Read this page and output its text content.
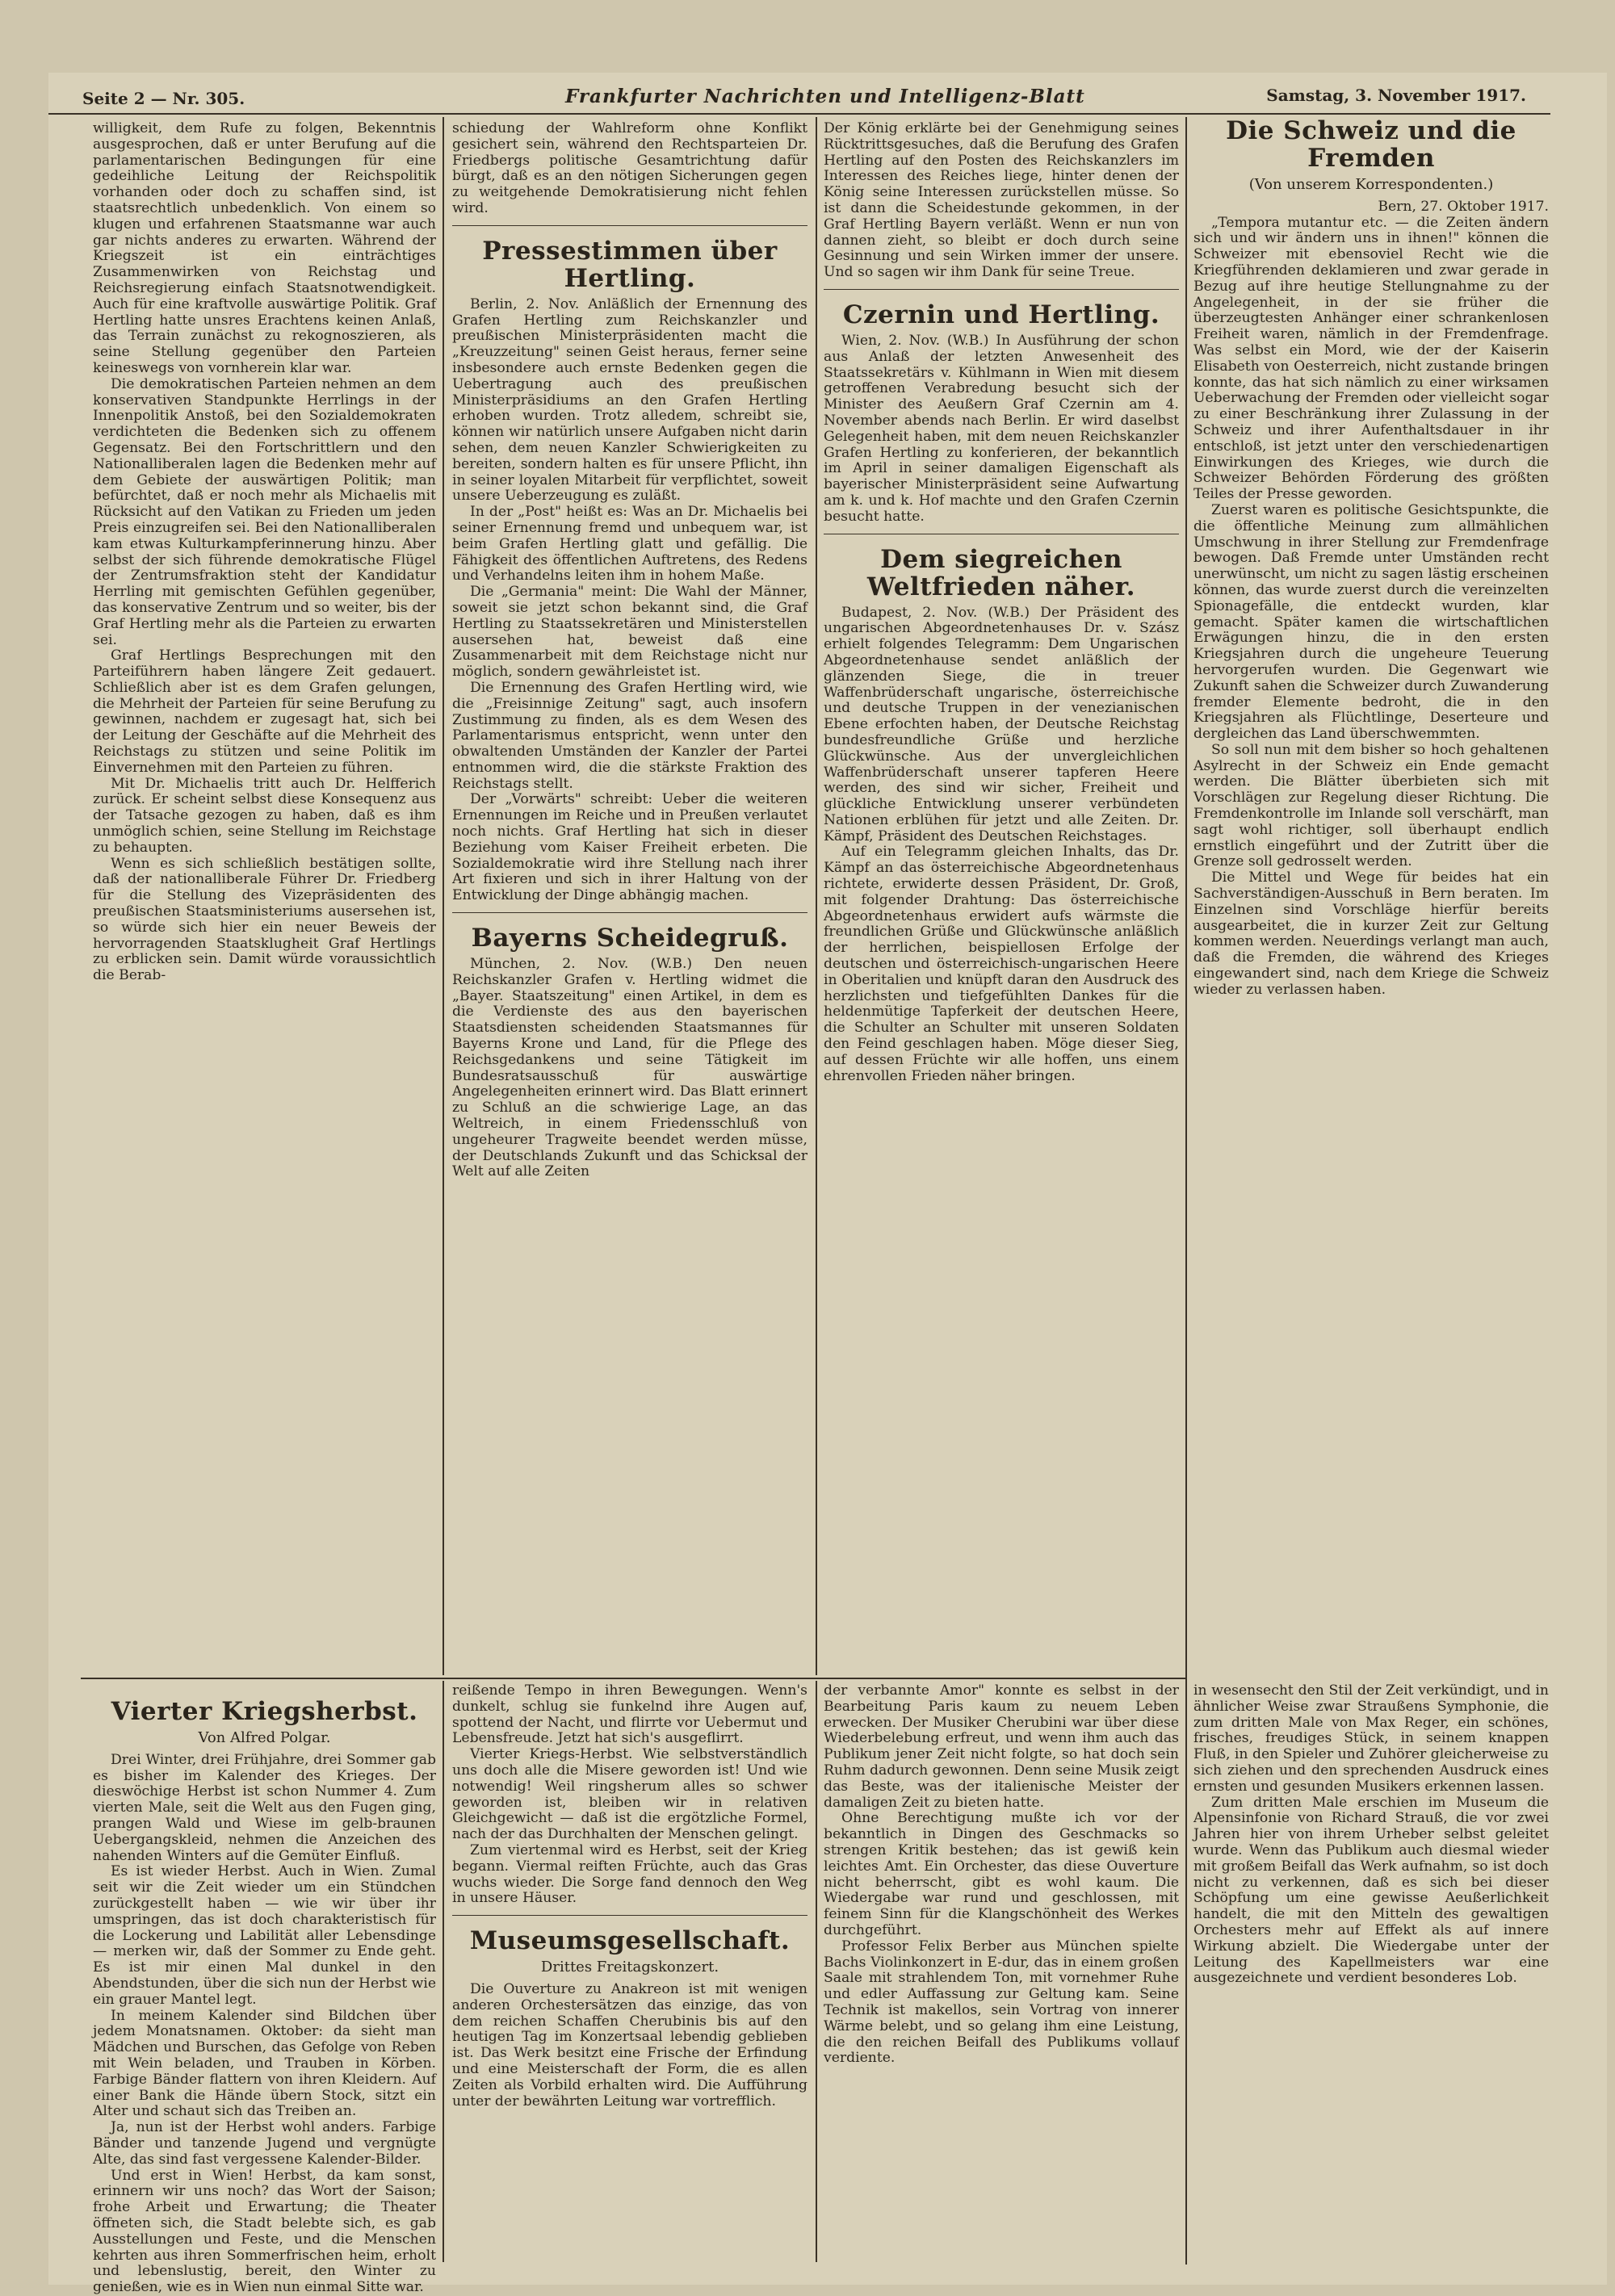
Seite 2 — Nr. 305.	Frankfurter Nachrichten und Intelligenz-Blatt	Samstag, 3. November 1917.

willigkeit, dem Rufe zu folgen, Bekenntnis ausgesprochen, daß er unter Berufung auf die parlamentarischen Bedingungen für eine gedeihliche Leitung der Reichspolitik vorhanden oder doch zu schaffen sind, ist staatsrechtlich unbedenklich. Von einem so klugen und erfahrenen Staatsmanne war auch gar nichts anderes zu erwarten. Während der Kriegszeit ist ein einträchtiges Zusammenwirken von Reichstag und Reichsregierung einfach Staatsnotwendigkeit. Auch für eine kraftvolle auswärtige Politik. Graf Hertling hatte unsres Erachtens keinen Anlaß, das Terrain zunächst zu rekognoszieren, als seine Stellung gegenüber den Parteien keineswegs von vornherein klar war.

Die demokratischen Parteien nehmen an dem konservativen Standpunkte Herrlings in der Innenpolitik Anstoß, bei den Sozialdemokraten verdichteten die Bedenken sich zu offenem Gegensatz. Bei den Fortschrittlern und den Nationalliberalen lagen die Bedenken mehr auf dem Gebiete der auswärtigen Politik; man befürchtet, daß er noch mehr als Michaelis mit Rücksicht auf den Vatikan zu Frieden um jeden Preis einzugreifen sei. Bei den Nationalliberalen kam etwas Kulturkampferinnerung hinzu. Aber selbst der sich führende demokratische Flügel der Zentrumsfraktion steht der Kandidatur Herrling mit gemischten Gefühlen gegenüber, das konservative Zentrum und so weiter, bis der Graf Hertling mehr als die Parteien zu erwarten sei.

Graf Hertlings Besprechungen mit den Parteiführern haben längere Zeit gedauert. Schließlich aber ist es dem Grafen gelungen, die Mehrheit der Parteien für seine Berufung zu gewinnen, nachdem er zugesagt hat, sich bei der Leitung der Geschäfte auf die Mehrheit des Reichstags zu stützen und seine Politik im Einvernehmen mit den Parteien zu führen.

Mit Dr. Michaelis tritt auch Dr. Helfferich zurück. Er scheint selbst diese Konsequenz aus der Tatsache gezogen zu haben, daß es ihm unmöglich schien, seine Stellung im Reichstage zu behaupten.

Wenn es sich schließlich bestätigen sollte, daß der nationalliberale Führer Dr. Friedberg für die Stellung des Vizepräsidenten des preußischen Staatsministeriums ausersehen ist, so würde sich hier ein neuer Beweis der hervorragenden Staatsklugheit Graf Hertlings zu erblicken sein. Damit würde voraussichtlich die Berab-

schiedung der Wahlreform ohne Konflikt gesichert sein, während den Rechtsparteien Dr. Friedbergs politische Gesamtrichtung dafür bürgt, daß es an den nötigen Sicherungen gegen zu weitgehende Demokratisierung nicht fehlen wird.

Pressestimmen über Hertling.

Berlin, 2. Nov. Anläßlich der Ernennung des Grafen Hertling zum Reichskanzler und preußischen Ministerpräsidenten macht die „Kreuzzeitung" seinen Geist heraus, ferner seine insbesondere auch ernste Bedenken gegen die Uebertragung auch des preußischen Ministerpräsidiums an den Grafen Hertling erhoben wurden. Trotz alledem, schreibt sie, können wir natürlich unsere Aufgaben nicht darin sehen, dem neuen Kanzler Schwierigkeiten zu bereiten, sondern halten es für unsere Pflicht, ihn in seiner loyalen Mitarbeit für verpflichtet, soweit unsere Ueberzeugung es zuläßt.

In der „Post" heißt es: Was an Dr. Michaelis bei seiner Ernennung fremd und unbequem war, ist beim Grafen Hertling glatt und gefällig. Die Fähigkeit des öffentlichen Auftretens, des Redens und Verhandelns leiten ihm in hohem Maße.

Die „Germania" meint: Die Wahl der Männer, soweit sie jetzt schon bekannt sind, die Graf Hertling zu Staatssekretären und Ministerstellen ausersehen hat, beweist daß eine Zusammenarbeit mit dem Reichstage nicht nur möglich, sondern gewährleistet ist.

Die Ernennung des Grafen Hertling wird, wie die „Freisinnige Zeitung" sagt, auch insofern Zustimmung zu finden, als es dem Wesen des Parlamentarismus entspricht, wenn unter den obwaltenden Umständen der Kanzler der Partei entnommen wird, die die stärkste Fraktion des Reichstags stellt.

Der „Vorwärts" schreibt: Ueber die weiteren Ernennungen im Reiche und in Preußen verlautet noch nichts. Graf Hertling hat sich in dieser Beziehung vom Kaiser Freiheit erbeten. Die Sozialdemokratie wird ihre Stellung nach ihrer Art fixieren und sich in ihrer Haltung von der Entwicklung der Dinge abhängig machen.

Bayerns Scheidegruß.

München, 2. Nov. (W.B.) Den neuen Reichskanzler Grafen v. Hertling widmet die „Bayer. Staatszeitung" einen Artikel, in dem es die Verdienste des aus den bayerischen Staatsdiensten scheidenden Staatsmannes für Bayerns Krone und Land, für die Pflege des Reichsgedankens und seine Tätigkeit im Bundesratsausschuß für auswärtige Angelegenheiten erinnert wird. Das Blatt erinnert zu Schluß an die schwierige Lage, an das Weltreich, in einem Friedensschluß von ungeheurer Tragweite beendet werden müsse, der Deutschlands Zukunft und das Schicksal der Welt auf alle Zeiten

Der König erklärte bei der Genehmigung seines Rücktrittsgesuches, daß die Berufung des Grafen Hertling auf den Posten des Reichskanzlers im Interessen des Reiches liege, hinter denen der König seine Interessen zurückstellen müsse. So ist dann die Scheidestunde gekommen, in der Graf Hertling Bayern verläßt. Wenn er nun von dannen zieht, so bleibt er doch durch seine Gesinnung und sein Wirken immer der unsere. Und so sagen wir ihm Dank für seine Treue.

Czernin und Hertling.

Wien, 2. Nov. (W.B.) In Ausführung der schon aus Anlaß der letzten Anwesenheit des Staatssekretärs v. Kühlmann in Wien mit diesem getroffenen Verabredung besucht sich der Minister des Aeußern Graf Czernin am 4. November abends nach Berlin. Er wird daselbst Gelegenheit haben, mit dem neuen Reichskanzler Grafen Hertling zu konferieren, der bekanntlich im April in seiner damaligen Eigenschaft als bayerischer Ministerpräsident seine Aufwartung am k. und k. Hof machte und den Grafen Czernin besucht hatte.

Dem siegreichen Weltfrieden näher.

Budapest, 2. Nov. (W.B.) Der Präsident des ungarischen Abgeordnetenhauses Dr. v. Szász erhielt folgendes Telegramm: Dem Ungarischen Abgeordnetenhause sendet anläßlich der glänzenden Siege, die in treuer Waffenbrüderschaft ungarische, österreichische und deutsche Truppen in der venezianischen Ebene erfochten haben, der Deutsche Reichstag bundesfreundliche Grüße und herzliche Glückwünsche. Aus der unvergleichlichen Waffenbrüderschaft unserer tapferen Heere werden, des sind wir sicher, Freiheit und glückliche Entwicklung unserer verbündeten Nationen erblühen für jetzt und alle Zeiten. Dr. Kämpf, Präsident des Deutschen Reichstages.

Auf ein Telegramm gleichen Inhalts, das Dr. Kämpf an das österreichische Abgeordnetenhaus richtete, erwiderte dessen Präsident, Dr. Groß, mit folgender Drahtung: Das österreichische Abgeordnetenhaus erwidert aufs wärmste die freundlichen Grüße und Glückwünsche anläßlich der herrlichen, beispiellosen Erfolge der deutschen und österreichisch-ungarischen Heere in Oberitalien und knüpft daran den Ausdruck des herzlichsten und tiefgefühlten Dankes für die heldenmütige Tapferkeit der deutschen Heere, die Schulter an Schulter mit unseren Soldaten den Feind geschlagen haben. Möge dieser Sieg, auf dessen Früchte wir alle hoffen, uns einem ehrenvollen Frieden näher bringen.

Die Schweiz und die Fremden
(Von unserem Korrespondenten.)
Bern, 27. Oktober 1917.

„Tempora mutantur etc. — die Zeiten ändern sich und wir ändern uns in ihnen!" können die Schweizer mit ebensoviel Recht wie die Kriegführenden deklamieren und zwar gerade in Bezug auf ihre heutige Stellungnahme zu der Angelegenheit, in der sie früher die überzeugtesten Anhänger einer schrankenlosen Freiheit waren, nämlich in der Fremdenfrage. Was selbst ein Mord, wie der der Kaiserin Elisabeth von Oesterreich, nicht zustande bringen konnte, das hat sich nämlich zu einer wirksamen Ueberwachung der Fremden oder vielleicht sogar zu einer Beschränkung ihrer Zulassung in der Schweiz und ihrer Aufenthaltsdauer in ihr entschloß, ist jetzt unter den verschiedenartigen Einwirkungen des Krieges, wie durch die Schweizer Behörden Förderung des größten Teiles der Presse geworden.

Zuerst waren es politische Gesichtspunkte, die die öffentliche Meinung zum allmählichen Umschwung in ihrer Stellung zur Fremdenfrage bewogen. Daß Fremde unter Umständen recht unerwünscht, um nicht zu sagen lästig erscheinen können, das wurde zuerst durch die vereinzelten Spionagefälle, die entdeckt wurden, klar gemacht. Später kamen die wirtschaftlichen Erwägungen hinzu, die in den ersten Kriegsjahren durch die ungeheure Teuerung hervorgerufen wurden. Die Gegenwart wie Zukunft sahen die Schweizer durch Zuwanderung fremder Elemente bedroht, die in den Kriegsjahren als Flüchtlinge, Deserteure und dergleichen das Land überschwemmten.

So soll nun mit dem bisher so hoch gehaltenen Asylrecht in der Schweiz ein Ende gemacht werden. Die Blätter überbieten sich mit Vorschlägen zur Regelung dieser Richtung. Die Fremdenkontrolle im Inlande soll verschärft, man sagt wohl richtiger, soll überhaupt endlich ernstlich eingeführt und der Zutritt über die Grenze soll gedrosselt werden.

Die Mittel und Wege für beides hat ein Sachverständigen-Ausschuß in Bern beraten. Im Einzelnen sind Vorschläge hierfür bereits ausgearbeitet, die in kurzer Zeit zur Geltung kommen werden. Neuerdings verlangt man auch, daß die Fremden, die während des Krieges eingewandert sind, nach dem Kriege die Schweiz wieder zu verlassen haben.

in wesensecht den Stil der Zeit verkündigt, und in ähnlicher Weise zwar Straußens Symphonie, die zum dritten Male von Max Reger, ein schönes, frisches, freudiges Stück, in seinem knappen Fluß, in den Spieler und Zuhörer gleicherweise zu sich ziehen und den sprechenden Ausdruck eines ernsten und gesunden Musikers erkennen lassen.

Zum dritten Male erschien im Museum die Alpensinfonie von Richard Strauß, die vor zwei Jahren hier von ihrem Urheber selbst geleitet wurde. Wenn das Publikum auch diesmal wieder mit großem Beifall das Werk aufnahm, so ist doch nicht zu verkennen, daß es sich bei dieser Schöpfung um eine gewisse Aeußerlichkeit handelt, die mit den Mitteln des gewaltigen Orchesters mehr auf Effekt als auf innere Wirkung abzielt. Die Wiedergabe unter der Leitung des Kapellmeisters war eine ausgezeichnete und verdient besonderes Lob.

Vierter Kriegsherbst.
Von Alfred Polgar.

Drei Winter, drei Frühjahre, drei Sommer gab es bisher im Kalender des Krieges. Der dieswöchige Herbst ist schon Nummer 4. Zum vierten Male, seit die Welt aus den Fugen ging, prangen Wald und Wiese im gelb-braunen Uebergangskleid, nehmen die Anzeichen des nahenden Winters auf die Gemüter Einfluß.

Es ist wieder Herbst. Auch in Wien. Zumal seit wir die Zeit wieder um ein Stündchen zurückgestellt haben — wie wir über ihr umspringen, das ist doch charakteristisch für die Lockerung und Labilität aller Lebensdinge — merken wir, daß der Sommer zu Ende geht. Es ist mir einen Mal dunkel in den Abendstunden, über die sich nun der Herbst wie ein grauer Mantel legt.

In meinem Kalender sind Bildchen über jedem Monatsnamen. Oktober: da sieht man Mädchen und Burschen, das Gefolge von Reben mit Wein beladen, und Trauben in Körben. Farbige Bänder flattern von ihren Kleidern. Auf einer Bank die Hände übern Stock, sitzt ein Alter und schaut sich das Treiben an.

Ja, nun ist der Herbst wohl anders. Farbige Bänder und tanzende Jugend und vergnügte Alte, das sind fast vergessene Kalender-Bilder.

Und erst in Wien! Herbst, da kam sonst, erinnern wir uns noch? das Wort der Saison; frohe Arbeit und Erwartung; die Theater öffneten sich, die Stadt belebte sich, es gab Ausstellungen und Feste, und die Menschen kehrten aus ihren Sommerfrischen heim, erholt und lebenslustig, bereit, den Winter zu genießen, wie es in Wien nun einmal Sitte war.

reißende Tempo in ihren Bewegungen. Wenn's dunkelt, schlug sie funkelnd ihre Augen auf, spottend der Nacht, und flirrte vor Uebermut und Lebensfreude. Jetzt hat sich's ausgeflirrt.

Vierter Kriegs-Herbst. Wie selbstverständlich uns doch alle die Misere geworden ist! Und wie notwendig! Weil ringsherum alles so schwer geworden ist, bleiben wir in relativen Gleichgewicht — daß ist die ergötzliche Formel, nach der das Durchhalten der Menschen gelingt.

Zum viertenmal wird es Herbst, seit der Krieg begann. Viermal reiften Früchte, auch das Gras wuchs wieder. Die Sorge fand dennoch den Weg in unsere Häuser.

Museumsgesellschaft.
Drittes Freitagskonzert.

Die Ouverture zu Anakreon ist mit wenigen anderen Orchestersätzen das einzige, das von dem reichen Schaffen Cherubinis bis auf den heutigen Tag im Konzertsaal lebendig geblieben ist. Das Werk besitzt eine Frische der Erfindung und eine Meisterschaft der Form, die es allen Zeiten als Vorbild erhalten wird. Die Aufführung unter der bewährten Leitung war vortrefflich.

der verbannte Amor" konnte es selbst in der Bearbeitung Paris kaum zu neuem Leben erwecken. Der Musiker Cherubini war über diese Wiederbelebung erfreut, und wenn ihm auch das Publikum jener Zeit nicht folgte, so hat doch sein Ruhm dadurch gewonnen. Denn seine Musik zeigt das Beste, was der italienische Meister der damaligen Zeit zu bieten hatte.

Ohne Berechtigung mußte ich vor der bekanntlich in Dingen des Geschmacks so strengen Kritik bestehen; das ist gewiß kein leichtes Amt. Ein Orchester, das diese Ouverture nicht beherrscht, gibt es wohl kaum. Die Wiedergabe war rund und geschlossen, mit feinem Sinn für die Klangschönheit des Werkes durchgeführt.

Professor Felix Berber aus München spielte Bachs Violinkonzert in E-dur, das in einem großen Saale mit strahlendem Ton, mit vornehmer Ruhe und edler Auffassung zur Geltung kam. Seine Technik ist makellos, sein Vortrag von innerer Wärme belebt, und so gelang ihm eine Leistung, die den reichen Beifall des Publikums vollauf verdiente.
